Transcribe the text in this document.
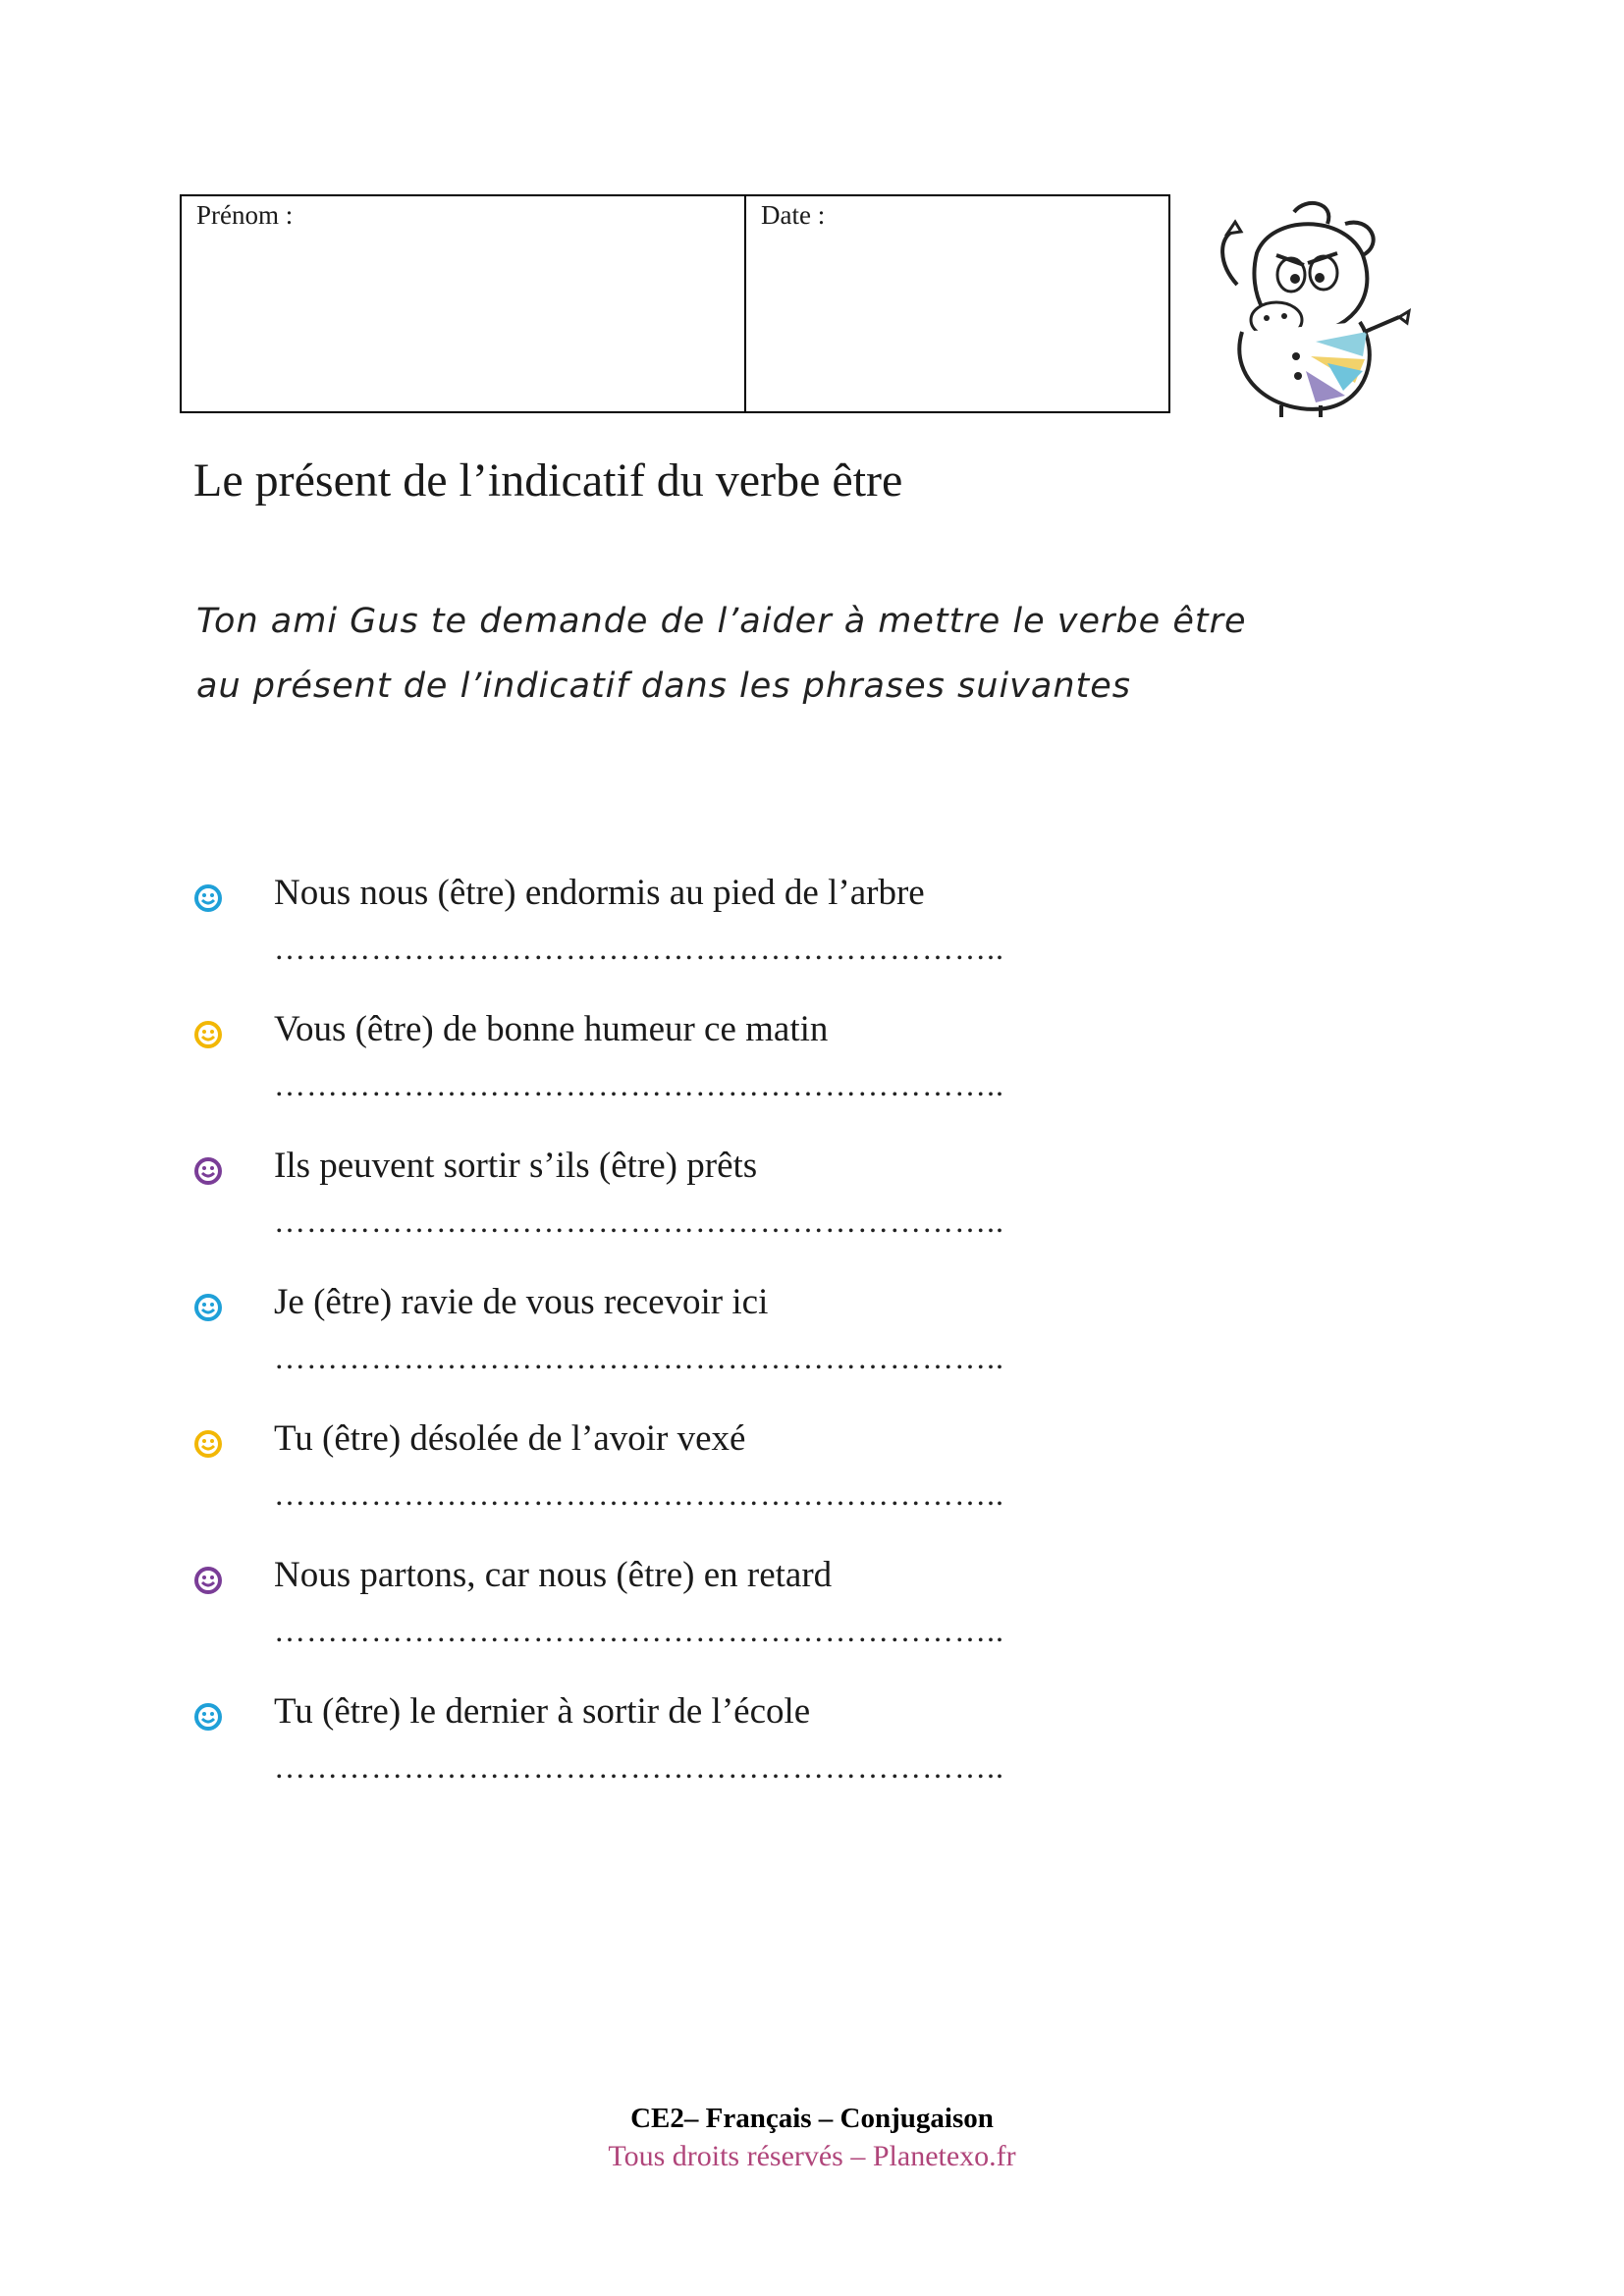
Prénom :	Date :
Le présent de l’indicatif du verbe être
Ton ami Gus te demande de l’aider à mettre le verbe être
au présent de l’indicatif dans les phrases suivantes
Nous nous (être) endormis au pied de l’arbre
…………………………………………………………..
Vous (être) de bonne humeur ce matin
…………………………………………………………..
Ils peuvent sortir s’ils (être) prêts
…………………………………………………………..
Je (être) ravie de vous recevoir ici
…………………………………………………………..
Tu (être) désolée de l’avoir vexé
…………………………………………………………..
Nous partons, car nous (être) en retard
…………………………………………………………..
Tu (être) le dernier à sortir de l’école
…………………………………………………………..
CE2– Français – Conjugaison
Tous droits réservés – Planetexo.fr
